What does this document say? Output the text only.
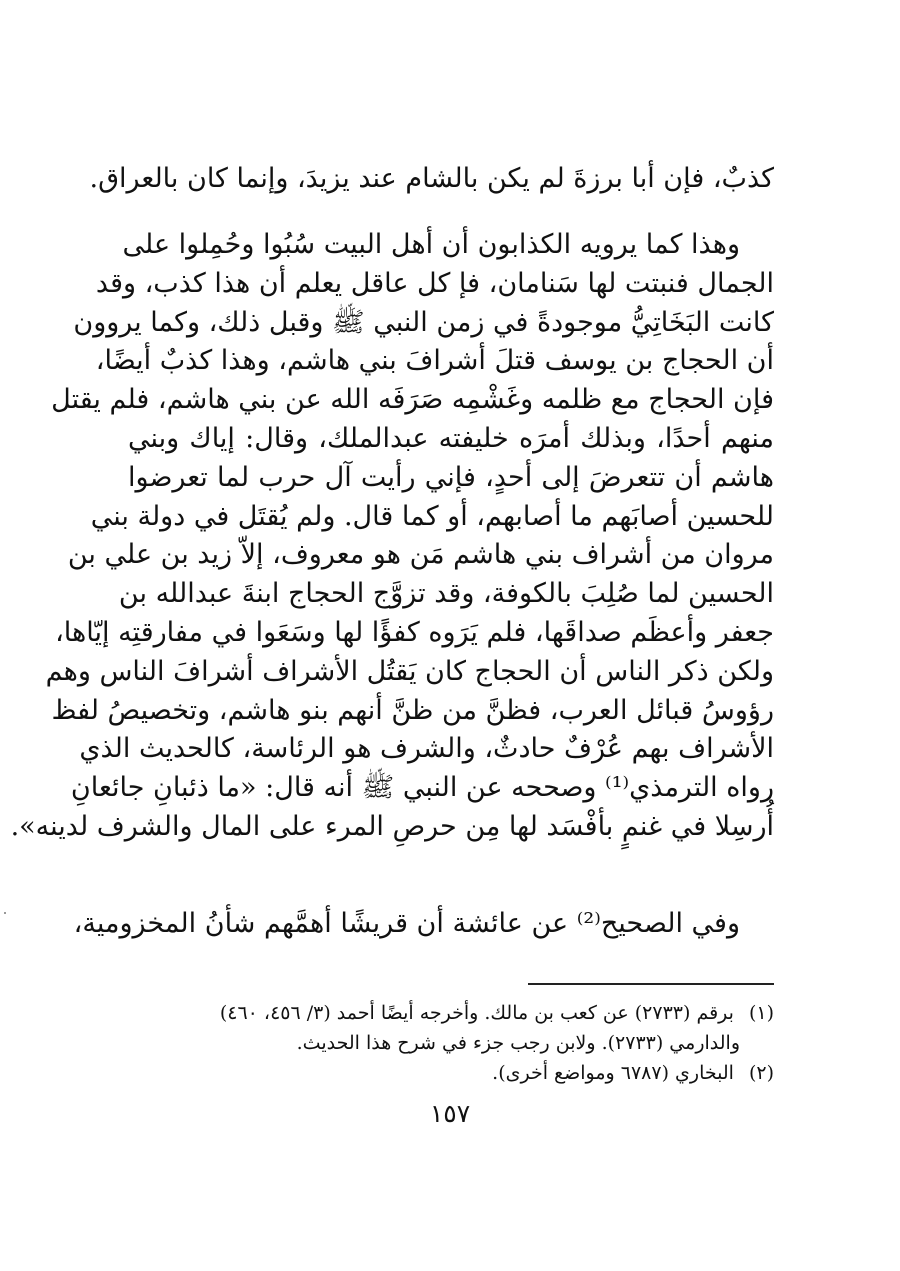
كذبٌ، فإن أبا برزةَ لم يكن بالشام عند يزيدَ، وإنما كان بالعراق.
وهذا كما يرويه الكذابون أن أهل البيت سُبُوا وحُمِلوا على
الجمال فنبتت لها سَنامان، فإ كل عاقل يعلم أن هذا كذب، وقد
كانت البَخَاتِيُّ موجودةً في زمن النبي ﷺ وقبل ذلك، وكما يروون
أن الحجاج بن يوسف قتلَ أشرافَ بني هاشم، وهذا كذبٌ أيضًا،
فإن الحجاج مع ظلمه وغَشْمِه صَرَفَه الله عن بني هاشم، فلم يقتل
منهم أحدًا، وبذلك أمرَه خليفته عبدالملك، وقال: إياك وبني
هاشم أن تتعرضَ إلى أحدٍ، فإني رأيت آل حرب لما تعرضوا
للحسين أصابَهم ما أصابهم، أو كما قال. ولم يُقتَل في دولة بني
مروان من أشراف بني هاشم مَن هو معروف، إلاّ زيد بن علي بن
الحسين لما صُلِبَ بالكوفة، وقد تزوَّج الحجاج ابنةَ عبدالله بن
جعفر وأعظَم صداقَها، فلم يَرَوه كفؤًا لها وسَعَوا في مفارقتِه إيّاها،
ولكن ذكر الناس أن الحجاج كان يَقتُل الأشراف أشرافَ الناس وهم
رؤوسُ قبائل العرب، فظنَّ من ظنَّ أنهم بنو هاشم، وتخصيصُ لفظ
الأشراف بهم عُرْفٌ حادثٌ، والشرف هو الرئاسة، كالحديث الذي
رواه الترمذي⁽¹⁾ وصححه عن النبي ﷺ أنه قال: «ما ذئبانِ جائعانِ
أُرسِلا في غنمٍ بأفْسَد لها مِن حرصِ المرء على المال والشرف لدينه».
وفي الصحيح⁽²⁾ عن عائشة أن قريشًا أهمَّهم شأنُ المخزومية،
(١) برقم (٢٧٣٣) عن كعب بن مالك. وأخرجه أيضًا أحمد (٣/ ٤٥٦، ٤٦٠)
والدارمي (٢٧٣٣). ولابن رجب جزء في شرح هذا الحديث.
(٢) البخاري (٦٧٨٧ ومواضع أخرى).
١٥٧
